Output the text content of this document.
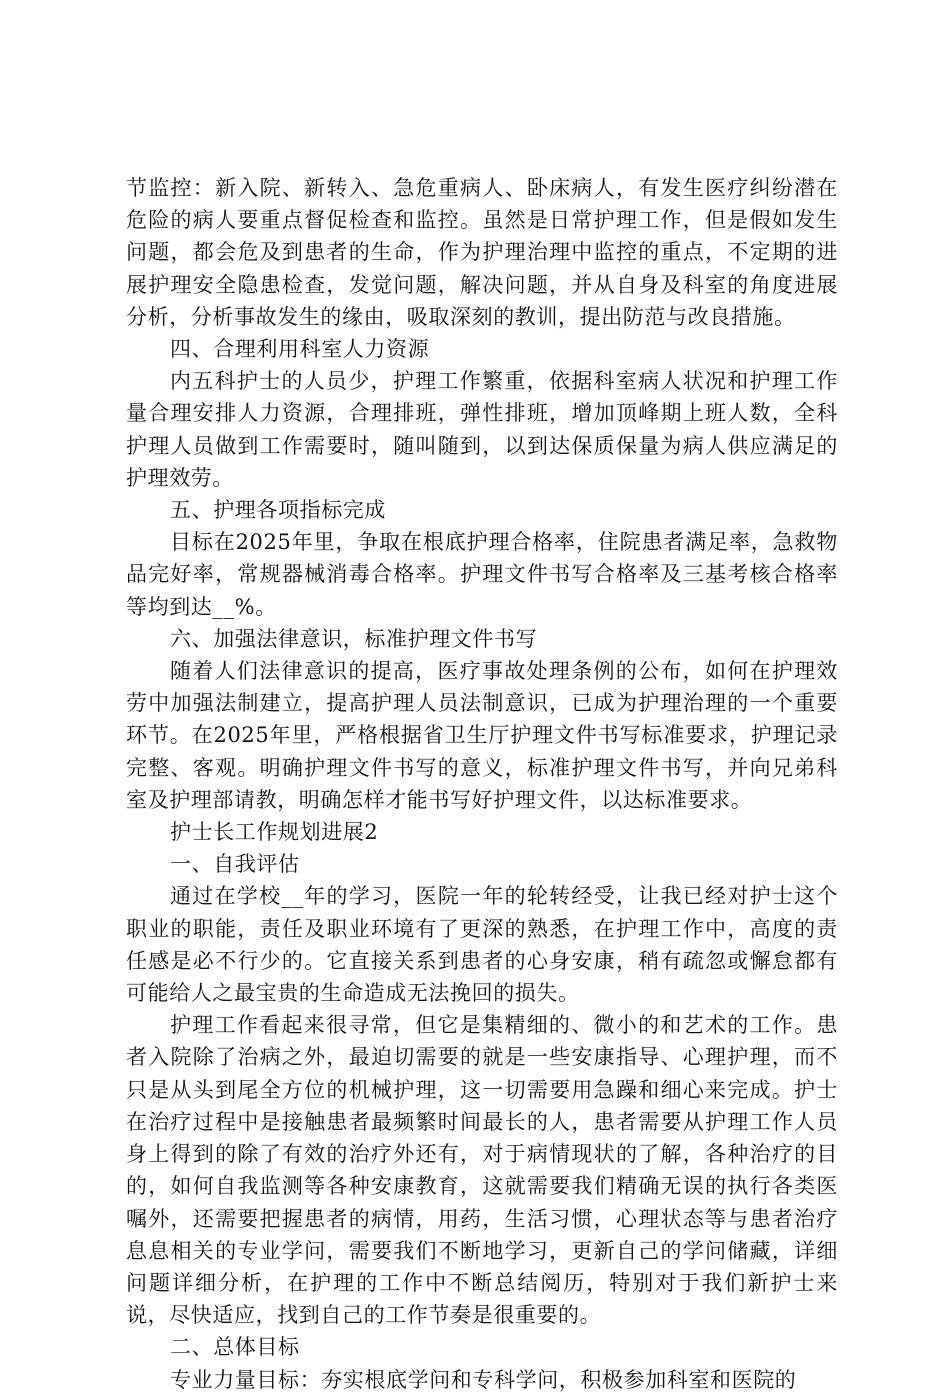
节监控：新入院、新转入、急危重病人、卧床病人，有发生医疗纠纷潜在危险的病人要重点督促检查和监控。虽然是日常护理工作，但是假如发生问题，都会危及到患者的生命，作为护理治理中监控的重点，不定期的进展护理安全隐患检查，发觉问题，解决问题，并从自身及科室的角度进展分析，分析事故发生的缘由，吸取深刻的教训，提出防范与改良措施。

四、合理利用科室人力资源

内五科护士的人员少，护理工作繁重，依据科室病人状况和护理工作量合理安排人力资源，合理排班，弹性排班，增加顶峰期上班人数，全科护理人员做到工作需要时，随叫随到，以到达保质保量为病人供应满足的护理效劳。

五、护理各项指标完成

目标在2025年里，争取在根底护理合格率，住院患者满足率，急救物品完好率，常规器械消毒合格率。护理文件书写合格率及三基考核合格率等均到达__%。

六、加强法律意识，标准护理文件书写

随着人们法律意识的提高，医疗事故处理条例的公布，如何在护理效劳中加强法制建立，提高护理人员法制意识，已成为护理治理的一个重要环节。在2025年里，严格根据省卫生厅护理文件书写标准要求，护理记录完整、客观。明确护理文件书写的意义，标准护理文件书写，并向兄弟科室及护理部请教，明确怎样才能书写好护理文件，以达标准要求。

护士长工作规划进展2

一、自我评估

通过在学校__年的学习，医院一年的轮转经受，让我已经对护士这个职业的职能，责任及职业环境有了更深的熟悉，在护理工作中，高度的责任感是必不行少的。它直接关系到患者的心身安康，稍有疏忽或懈怠都有可能给人之最宝贵的生命造成无法挽回的损失。

护理工作看起来很寻常，但它是集精细的、微小的和艺术的工作。患者入院除了治病之外，最迫切需要的就是一些安康指导、心理护理，而不只是从头到尾全方位的机械护理，这一切需要用急躁和细心来完成。护士在治疗过程中是接触患者最频繁时间最长的人，患者需要从护理工作人员身上得到的除了有效的治疗外还有，对于病情现状的了解，各种治疗的目的，如何自我监测等各种安康教育，这就需要我们精确无误的执行各类医嘱外，还需要把握患者的病情，用药，生活习惯，心理状态等与患者治疗息息相关的专业学问，需要我们不断地学习，更新自己的学问储藏，详细问题详细分析，在护理的工作中不断总结阅历，特别对于我们新护士来说，尽快适应，找到自己的工作节奏是很重要的。

二、总体目标

专业力量目标：夯实根底学问和专科学问，积极参加科室和医院的
